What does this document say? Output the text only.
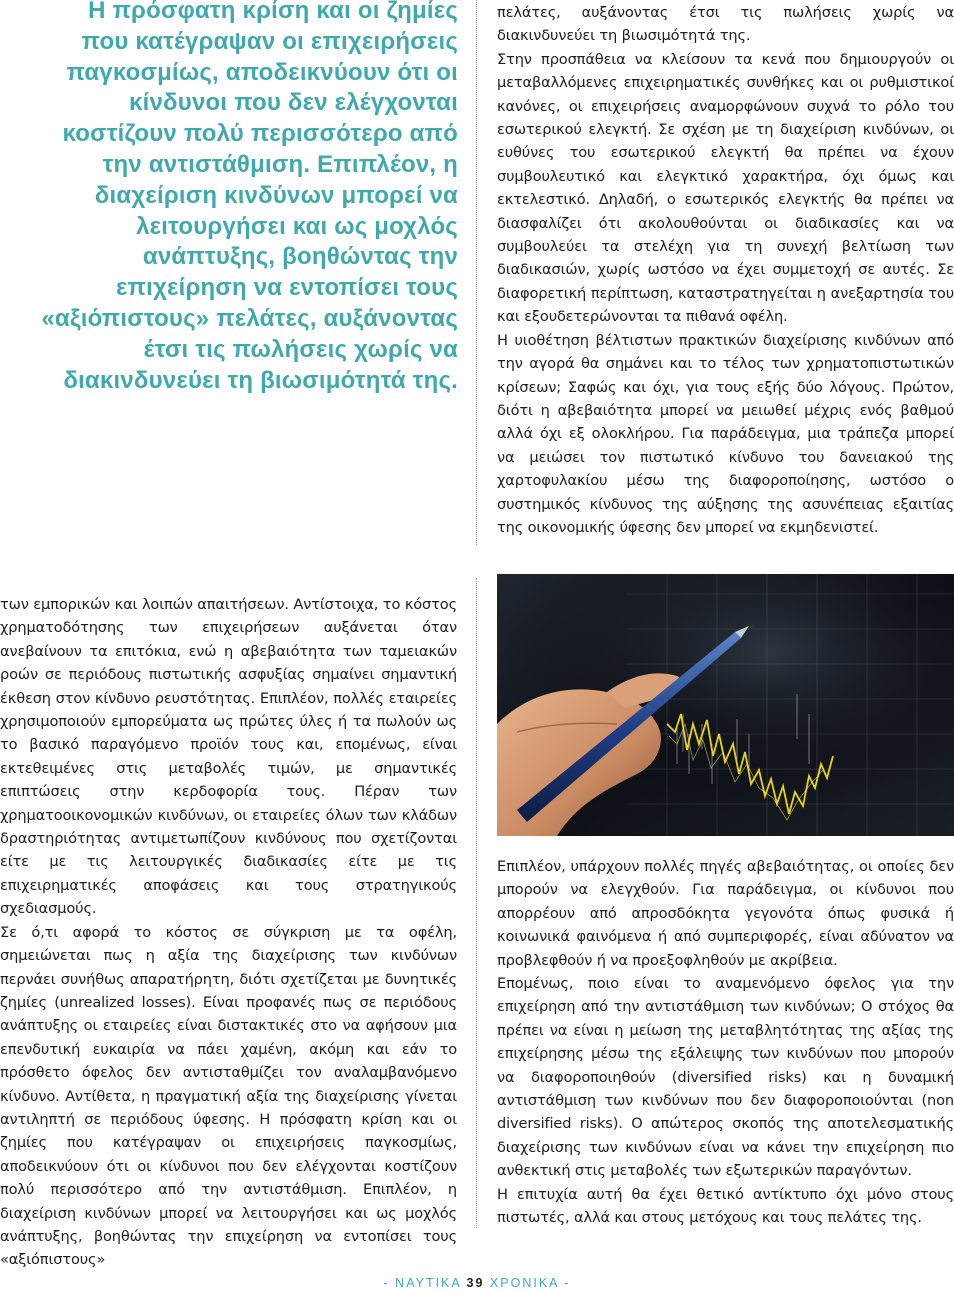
Η πρόσφατη κρίση και οι ζημίες που κατέγραψαν οι επιχειρήσεις παγκοσμίως, αποδεικνύουν ότι οι κίνδυνοι που δεν ελέγχονται κοστίζουν πολύ περισσότερο από την αντιστάθμιση. Επιπλέον, η διαχείριση κινδύνων μπορεί να λειτουργήσει και ως μοχλός ανάπτυξης, βοηθώντας την επιχείρηση να εντοπίσει τους «αξιόπιστους» πελάτες, αυξάνοντας έτσι τις πωλήσεις χωρίς να διακινδυνεύει τη βιωσιμότητά της.

πελάτες, αυξάνοντας έτσι τις πωλήσεις χωρίς να διακινδυνεύει τη βιωσιμότητά της.

Στην προσπάθεια να κλείσουν τα κενά που δημιουργούν οι μεταβαλλόμενες επιχειρηματικές συνθήκες και οι ρυθμιστικοί κανόνες, οι επιχειρήσεις αναμορφώνουν συχνά το ρόλο του εσωτερικού ελεγκτή. Σε σχέση με τη διαχείριση κινδύνων, οι ευθύνες του εσωτερικού ελεγκτή θα πρέπει να έχουν συμβουλευτικό και ελεγκτικό χαρακτήρα, όχι όμως και εκτελεστικό. Δηλαδή, ο εσωτερικός ελεγκτής θα πρέπει να διασφαλίζει ότι ακολουθούνται οι διαδικασίες και να συμβουλεύει τα στελέχη για τη συνεχή βελτίωση των διαδικασιών, χωρίς ωστόσο να έχει συμμετοχή σε αυτές. Σε διαφορετική περίπτωση, καταστρατηγείται η ανεξαρτησία του και εξουδετερώνονται τα πιθανά οφέλη.

Η υιοθέτηση βέλτιστων πρακτικών διαχείρισης κινδύνων από την αγορά θα σημάνει και το τέλος των χρηματοπιστωτικών κρίσεων; Σαφώς και όχι, για τους εξής δύο λόγους. Πρώτον, διότι η αβεβαιότητα μπορεί να μειωθεί μέχρις ενός βαθμού αλλά όχι εξ ολοκλήρου. Για παράδειγμα, μια τράπεζα μπορεί να μειώσει τον πιστωτικό κίνδυνο του δανειακού της χαρτοφυλακίου μέσω της διαφοροποίησης, ωστόσο ο συστημικός κίνδυνος της αύξησης της ασυνέπειας εξαιτίας της οικονομικής ύφεσης δεν μπορεί να εκμηδενιστεί.

των εμπορικών και λοιπών απαιτήσεων. Αντίστοιχα, το κόστος χρηματοδότησης των επιχειρήσεων αυξάνεται όταν ανεβαίνουν τα επιτόκια, ενώ η αβεβαιότητα των ταμειακών ροών σε περιόδους πιστωτικής ασφυξίας σημαίνει σημαντική έκθεση στον κίνδυνο ρευστότητας. Επιπλέον, πολλές εταιρείες χρησιμοποιούν εμπορεύματα ως πρώτες ύλες ή τα πωλούν ως το βασικό παραγόμενο προϊόν τους και, επομένως, είναι εκτεθειμένες στις μεταβολές τιμών, με σημαντικές επιπτώσεις στην κερδοφορία τους. Πέραν των χρηματοοικονομικών κινδύνων, οι εταιρείες όλων των κλάδων δραστηριότητας αντιμετωπίζουν κινδύνους που σχετίζονται είτε με τις λειτουργικές διαδικασίες είτε με τις επιχειρηματικές αποφάσεις και τους στρατηγικούς σχεδιασμούς.

Σε ό,τι αφορά το κόστος σε σύγκριση με τα οφέλη, σημειώνεται πως η αξία της διαχείρισης των κινδύνων περνάει συνήθως απαρατήρητη, διότι σχετίζεται με δυνητικές ζημίες (unrealized losses). Είναι προφανές πως σε περιόδους ανάπτυξης οι εταιρείες είναι διστακτικές στο να αφήσουν μια επενδυτική ευκαιρία να πάει χαμένη, ακόμη και εάν το πρόσθετο όφελος δεν αντισταθμίζει τον αναλαμβανόμενο κίνδυνο. Αντίθετα, η πραγματική αξία της διαχείρισης γίνεται αντιληπτή σε περιόδους ύφεσης. Η πρόσφατη κρίση και οι ζημίες που κατέγραψαν οι επιχειρήσεις παγκοσμίως, αποδεικνύουν ότι οι κίνδυνοι που δεν ελέγχονται κοστίζουν πολύ περισσότερο από την αντιστάθμιση. Επιπλέον, η διαχείριση κινδύνων μπορεί να λειτουργήσει και ως μοχλός ανάπτυξης, βοηθώντας την επιχείρηση να εντοπίσει τους «αξιόπιστους»

Επιπλέον, υπάρχουν πολλές πηγές αβεβαιότητας, οι οποίες δεν μπορούν να ελεγχθούν. Για παράδειγμα, οι κίνδυνοι που απορρέουν από απροσδόκητα γεγονότα όπως φυσικά ή κοινωνικά φαινόμενα ή από συμπεριφορές, είναι αδύνατον να προβλεφθούν ή να προεξοφληθούν με ακρίβεια.

Επομένως, ποιο είναι το αναμενόμενο όφελος για την επιχείρηση από την αντιστάθμιση των κινδύνων; Ο στόχος θα πρέπει να είναι η μείωση της μεταβλητότητας της αξίας της επιχείρησης μέσω της εξάλειψης των κινδύνων που μπορούν να διαφοροποιηθούν (diversified risks) και η δυναμική αντιστάθμιση των κινδύνων που δεν διαφοροποιούνται (non diversified risks). Ο απώτερος σκοπός της αποτελεσματικής διαχείρισης των κινδύνων είναι να κάνει την επιχείρηση πιο ανθεκτική στις μεταβολές των εξωτερικών παραγόντων.

Η επιτυχία αυτή θα έχει θετικό αντίκτυπο όχι μόνο στους πιστωτές, αλλά και στους μετόχους και τους πελάτες της.

- ΝΑΥΤΙΚΑ 39 ΧΡΟΝΙΚΑ -
